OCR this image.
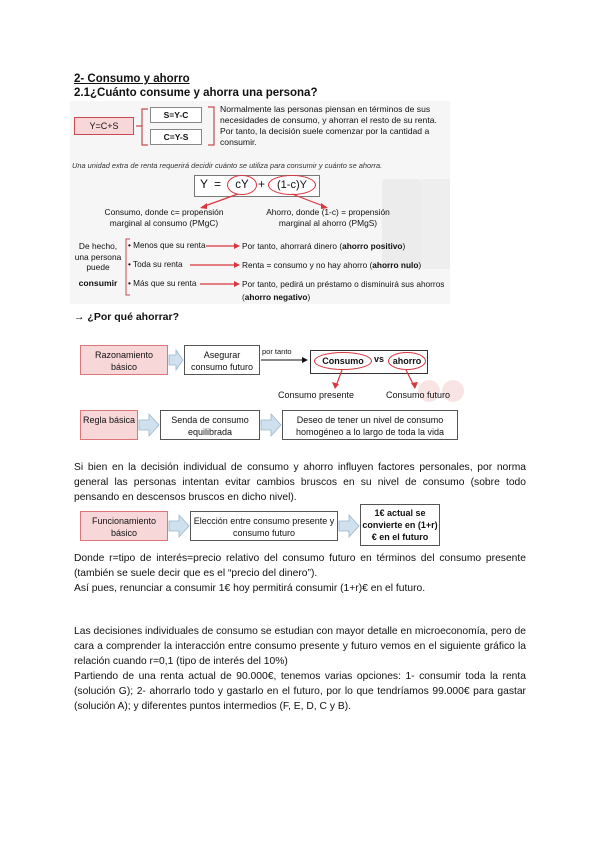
2- Consumo y ahorro
2.1¿Cuánto consume y ahorra una persona?
Y=C+S
S=Y-C
C=Y-S
Normalmente las personas piensan en términos de sus necesidades de consumo, y ahorran el resto de su renta. Por tanto, la decisión suele comenzar por la cantidad a consumir.
Una unidad extra de renta requerirá decidir cuánto se utiliza para consumir y cuánto se ahorra.
Y =	cY +	(1-c)Y
Consumo, donde c= propensión marginal al consumo (PMgC)
Ahorro, donde (1-c) = propensión marginal al ahorro (PMgS)
De hecho, una persona puede
consumir
• Menos que su renta
• Toda su renta
• Más que su renta
Por tanto, ahorrará dinero (ahorro positivo)
Renta = consumo y no hay ahorro (ahorro nulo)
Por tanto, pedirá un préstamo o disminuirá sus ahorros (ahorro negativo)
→ ¿Por qué ahorrar?
Razonamiento básico
Asegurar consumo futuro
por tanto
Consumo	vs ahorro
Consumo presente	Consumo futuro
Regla básica	Senda de consumo equilibrada
Deseo de tener un nivel de consumo homogéneo a lo largo de toda la vida
Si bien en la decisión individual de consumo y ahorro influyen factores personales, por norma general las personas intentan evitar cambios bruscos en su nivel de consumo (sobre todo pensando en descensos bruscos en dicho nivel).
Funcionamiento básico
Elección entre consumo presente y consumo futuro
1€ actual se convierte en (1+r)€ en el futuro
Donde r=tipo de interés=precio relativo del consumo futuro en términos del consumo presente (también se suele decir que es el “precio del dinero”).
Así pues, renunciar a consumir 1€ hoy permitirá consumir (1+r)€ en el futuro.
Las decisiones individuales de consumo se estudian con mayor detalle en microeconomía, pero de cara a comprender la interacción entre consumo presente y futuro vemos en el siguiente gráfico la relación cuando r=0,1 (tipo de interés del 10%)
Partiendo de una renta actual de 90.000€, tenemos varias opciones: 1- consumir toda la renta (solución G); 2- ahorrarlo todo y gastarlo en el futuro, por lo que tendríamos 99.000€ para gastar (solución A); y diferentes puntos intermedios (F, E, D, C y B).
